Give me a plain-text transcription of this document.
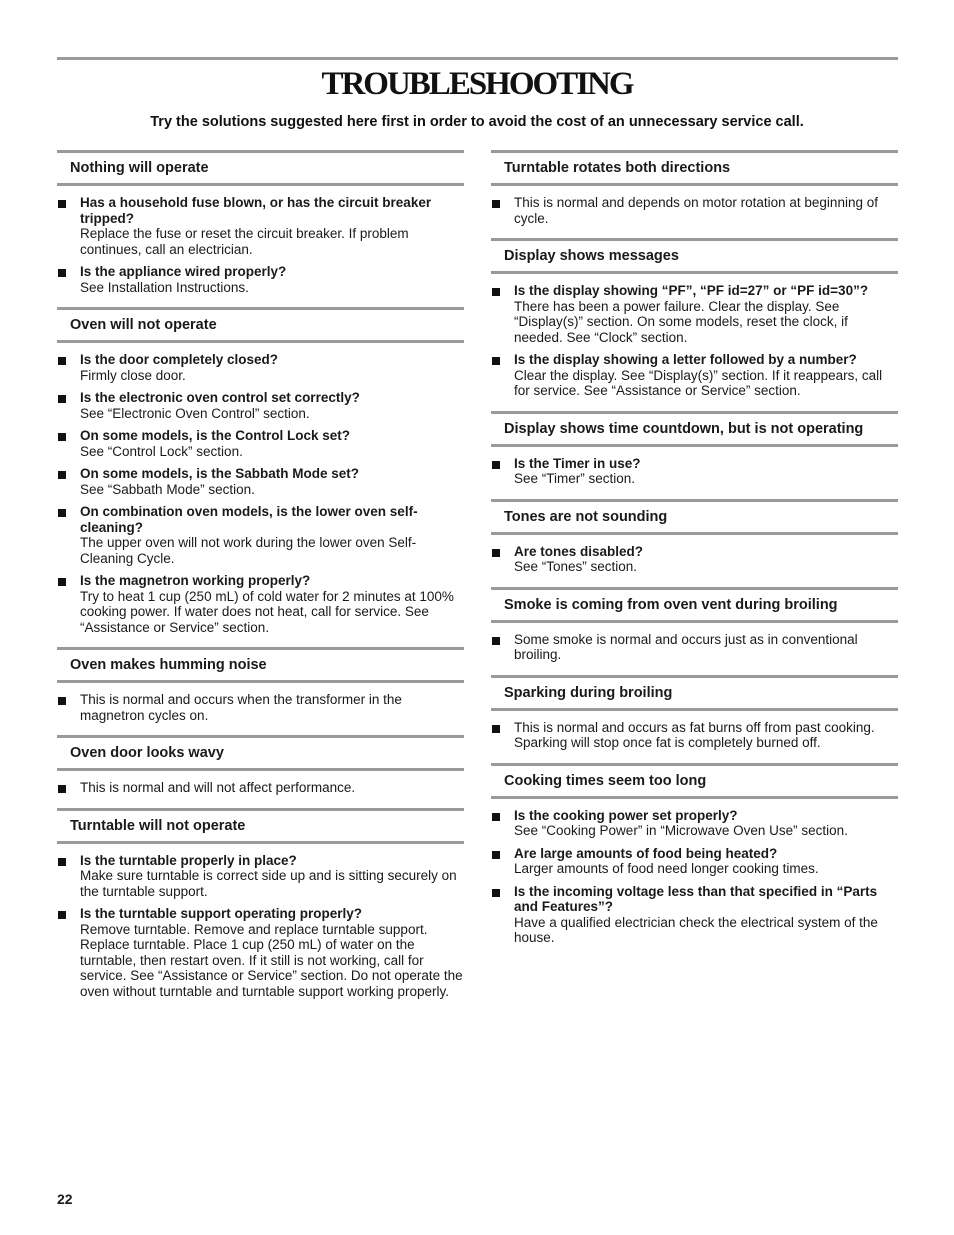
TROUBLESHOOTING
Try the solutions suggested here first in order to avoid the cost of an unnecessary service call.
Nothing will operate
Has a household fuse blown, or has the circuit breaker tripped?
Replace the fuse or reset the circuit breaker. If problem continues, call an electrician.
Is the appliance wired properly?
See Installation Instructions.
Oven will not operate
Is the door completely closed?
Firmly close door.
Is the electronic oven control set correctly?
See “Electronic Oven Control” section.
On some models, is the Control Lock set?
See “Control Lock” section.
On some models, is the Sabbath Mode set?
See “Sabbath Mode” section.
On combination oven models, is the lower oven self-cleaning?
The upper oven will not work during the lower oven Self-Cleaning Cycle.
Is the magnetron working properly?
Try to heat 1 cup (250 mL) of cold water for 2 minutes at 100% cooking power. If water does not heat, call for service. See “Assistance or Service” section.
Oven makes humming noise
This is normal and occurs when the transformer in the magnetron cycles on.
Oven door looks wavy
This is normal and will not affect performance.
Turntable will not operate
Is the turntable properly in place?
Make sure turntable is correct side up and is sitting securely on the turntable support.
Is the turntable support operating properly?
Remove turntable. Remove and replace turntable support. Replace turntable. Place 1 cup (250 mL) of water on the turntable, then restart oven. If it still is not working, call for service. See “Assistance or Service” section. Do not operate the oven without turntable and turntable support working properly.
Turntable rotates both directions
This is normal and depends on motor rotation at beginning of cycle.
Display shows messages
Is the display showing “PF”, “PF id=27” or “PF id=30”?
There has been a power failure. Clear the display. See “Display(s)” section. On some models, reset the clock, if needed. See “Clock” section.
Is the display showing a letter followed by a number?
Clear the display. See “Display(s)” section. If it reappears, call for service. See “Assistance or Service” section.
Display shows time countdown, but is not operating
Is the Timer in use?
See “Timer” section.
Tones are not sounding
Are tones disabled?
See “Tones” section.
Smoke is coming from oven vent during broiling
Some smoke is normal and occurs just as in conventional broiling.
Sparking during broiling
This is normal and occurs as fat burns off from past cooking. Sparking will stop once fat is completely burned off.
Cooking times seem too long
Is the cooking power set properly?
See “Cooking Power” in “Microwave Oven Use” section.
Are large amounts of food being heated?
Larger amounts of food need longer cooking times.
Is the incoming voltage less than that specified in “Parts and Features”?
Have a qualified electrician check the electrical system of the house.
22
